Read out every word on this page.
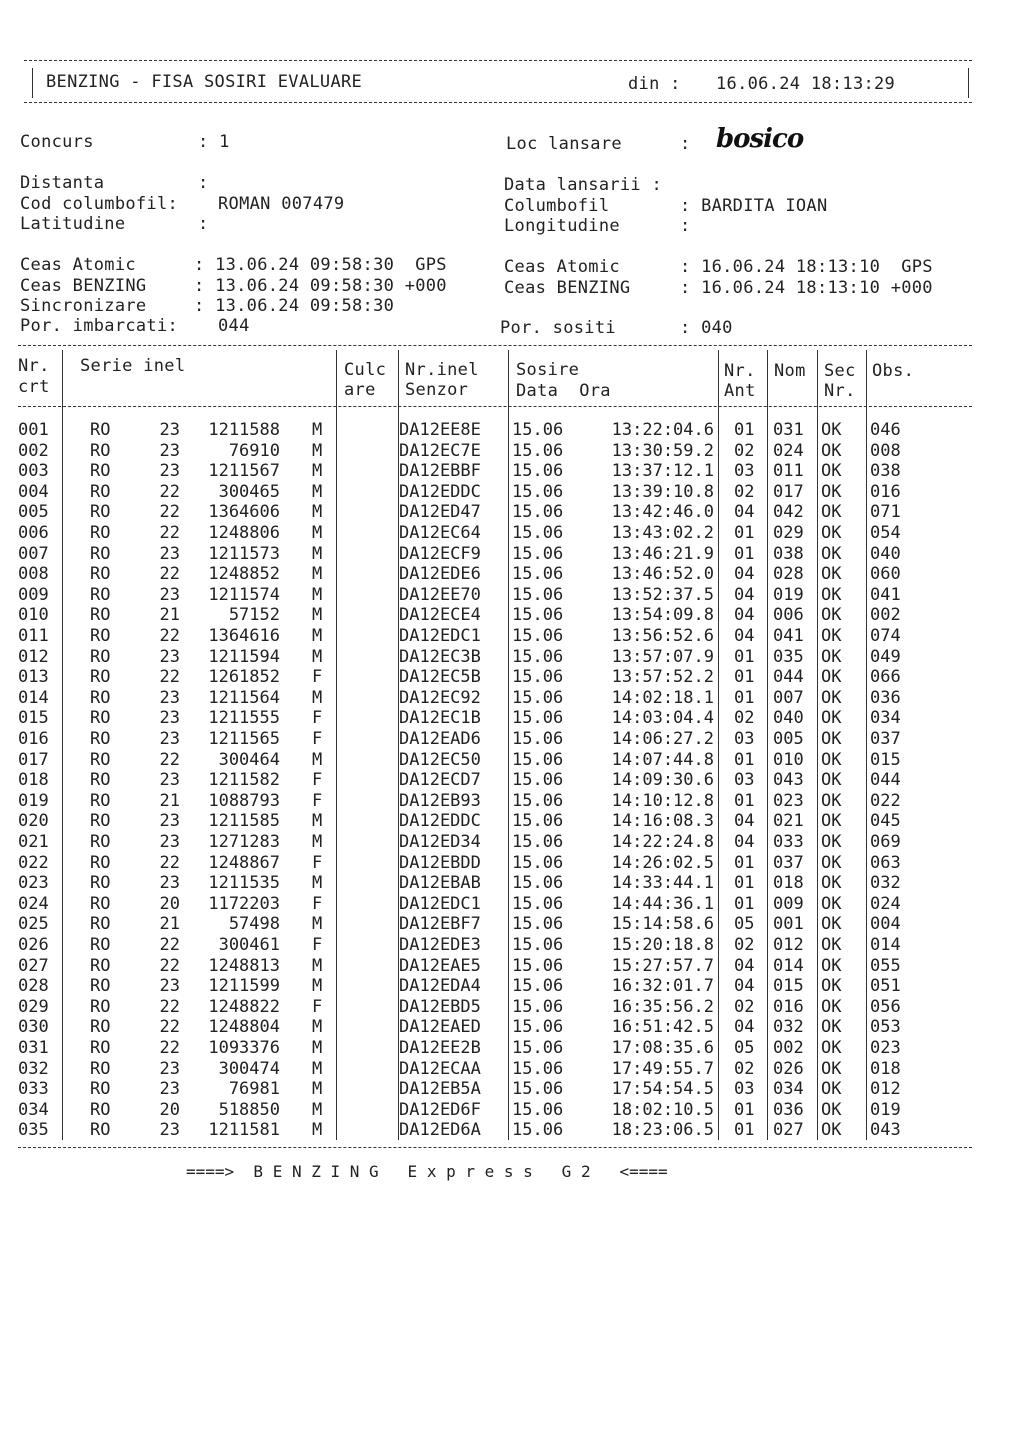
BENZING - FISA SOSIRI EVALUARE	din : 16.06.24 18:13:29
Concurs	: 1	Loc lansare	: bosico
Distanta	:
Cod columbofil: ROMAN 007479
Latitudine	:
Data lansarii :
Columbofil	: BARDITA IOAN
Longitudine	:
Ceas Atomic	: 13.06.24 09:58:30  GPS
Ceas BENZING	: 13.06.24 09:58:30 +000
Sincronizare	: 13.06.24 09:58:30
Por. imbarcati: 044
Ceas Atomic	: 16.06.24 18:13:10  GPS
Ceas BENZING	: 16.06.24 18:13:10 +000
Por. sositi	: 040
Nr.
crt
Serie inel	Culc
are
Nr.inel
Senzor
Sosire
Data  Ora
Nr.
Ant
Nom Sec
Nr.
Obs.
001	RO	23	1211588 M	DA12EE8E	15.06	13:22:04.6 01	031	OK	046
002	RO	23	76910 M	DA12EC7E	15.06	13:30:59.2 02	024	OK	008
003	RO	23	1211567 M	DA12EBBF	15.06	13:37:12.1 03	011	OK	038
004	RO	22	300465 M	DA12EDDC	15.06	13:39:10.8 02	017	OK	016
005	RO	22	1364606 M	DA12ED47	15.06	13:42:46.0 04	042	OK	071
006	RO	22	1248806 M	DA12EC64	15.06	13:43:02.2 01	029	OK	054
007	RO	23	1211573 M	DA12ECF9	15.06	13:46:21.9 01	038	OK	040
008	RO	22	1248852 M	DA12EDE6	15.06	13:46:52.0 04	028	OK	060
009	RO	23	1211574 M	DA12EE70	15.06	13:52:37.5 04	019	OK	041
010	RO	21	57152 M	DA12ECE4	15.06	13:54:09.8 04	006	OK	002
011	RO	22	1364616 M	DA12EDC1	15.06	13:56:52.6 04	041	OK	074
012	RO	23	1211594 M	DA12EC3B	15.06	13:57:07.9 01	035	OK	049
013	RO	22	1261852 F	DA12EC5B	15.06	13:57:52.2 01	044	OK	066
014	RO	23	1211564 M	DA12EC92	15.06	14:02:18.1 01	007	OK	036
015	RO	23	1211555 F	DA12EC1B	15.06	14:03:04.4 02	040	OK	034
016	RO	23	1211565 F	DA12EAD6	15.06	14:06:27.2 03	005	OK	037
017	RO	22	300464 M	DA12EC50	15.06	14:07:44.8 01	010	OK	015
018	RO	23	1211582 F	DA12ECD7	15.06	14:09:30.6 03	043	OK	044
019	RO	21	1088793 F	DA12EB93	15.06	14:10:12.8 01	023	OK	022
020	RO	23	1211585 M	DA12EDDC	15.06	14:16:08.3 04	021	OK	045
021	RO	23	1271283 M	DA12ED34	15.06	14:22:24.8 04	033	OK	069
022	RO	22	1248867 F	DA12EBDD	15.06	14:26:02.5 01	037	OK	063
023	RO	23	1211535 M	DA12EBAB	15.06	14:33:44.1 01	018	OK	032
024	RO	20	1172203 F	DA12EDC1	15.06	14:44:36.1 01	009	OK	024
025	RO	21	57498 M	DA12EBF7	15.06	15:14:58.6 05	001	OK	004
026	RO	22	300461 F	DA12EDE3	15.06	15:20:18.8 02	012	OK	014
027	RO	22	1248813 M	DA12EAE5	15.06	15:27:57.7 04	014	OK	055
028	RO	23	1211599 M	DA12EDA4	15.06	16:32:01.7 04	015	OK	051
029	RO	22	1248822 F	DA12EBD5	15.06	16:35:56.2 02	016	OK	056
030	RO	22	1248804 M	DA12EAED	15.06	16:51:42.5 04	032	OK	053
031	RO	22	1093376 M	DA12EE2B	15.06	17:08:35.6 05	002	OK	023
032	RO	23	300474 M	DA12ECAA	15.06	17:49:55.7 02	026	OK	018
033	RO	23	76981 M	DA12EB5A	15.06	17:54:54.5 03	034	OK	012
034	RO	20	518850 M	DA12ED6F	15.06	18:02:10.5 01	036	OK	019
035	RO	23	1211581 M	DA12ED6A	15.06	18:23:06.5 01	027	OK	043
====>  B E N Z I N G   E x p r e s s   G 2   <====
